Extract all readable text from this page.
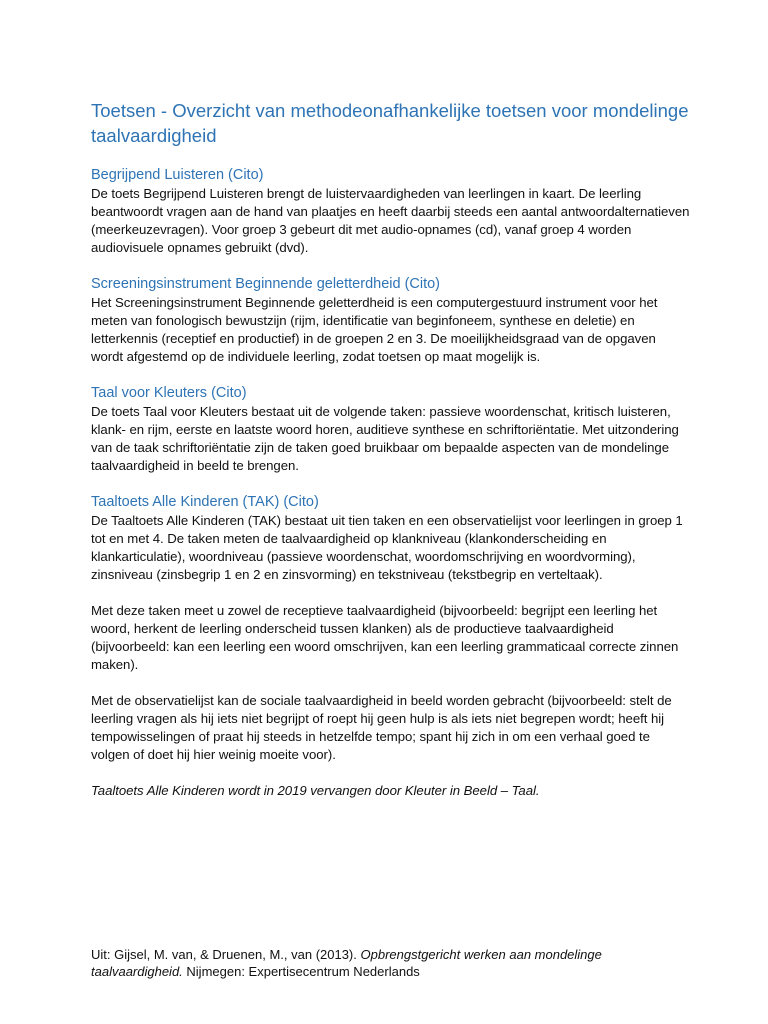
Toetsen - Overzicht van methodeonafhankelijke toetsen voor mondelinge taalvaardigheid
Begrijpend Luisteren (Cito)

De toets Begrijpend Luisteren brengt de luistervaardigheden van leerlingen in kaart. De leerling beantwoordt vragen aan de hand van plaatjes en heeft daarbij steeds een aantal antwoordalternatieven (meerkeuzevragen). Voor groep 3 gebeurt dit met audio-opnames (cd), vanaf groep 4 worden audiovisuele opnames gebruikt (dvd).

Screeningsinstrument Beginnende geletterdheid (Cito)

Het Screeningsinstrument Beginnende geletterdheid is een computergestuurd instrument voor het meten van fonologisch bewustzijn (rijm, identificatie van beginfoneem, synthese en deletie) en letterkennis (receptief en productief) in de groepen 2 en 3. De moeilijkheidsgraad van de opgaven wordt afgestemd op de individuele leerling, zodat toetsen op maat mogelijk is.

Taal voor Kleuters (Cito)

De toets Taal voor Kleuters bestaat uit de volgende taken: passieve woordenschat, kritisch luisteren, klank- en rijm, eerste en laatste woord horen, auditieve synthese en schriftoriëntatie. Met uitzondering van de taak schriftoriëntatie zijn de taken goed bruikbaar om bepaalde aspecten van de mondelinge taalvaardigheid in beeld te brengen.

Taaltoets Alle Kinderen (TAK) (Cito)

De Taaltoets Alle Kinderen (TAK) bestaat uit tien taken en een observatielijst voor leerlingen in groep 1 tot en met 4. De taken meten de taalvaardigheid op klankniveau (klankonderscheiding en klankarticulatie), woordniveau (passieve woordenschat, woordomschrijving en woordvorming), zinsniveau (zinsbegrip 1 en 2 en zinsvorming) en tekstniveau (tekstbegrip en verteltaak).

Met deze taken meet u zowel de receptieve taalvaardigheid (bijvoorbeeld: begrijpt een leerling het woord, herkent de leerling onderscheid tussen klanken) als de productieve taalvaardigheid (bijvoorbeeld: kan een leerling een woord omschrijven, kan een leerling grammaticaal correcte zinnen maken).

Met de observatielijst kan de sociale taalvaardigheid in beeld worden gebracht (bijvoorbeeld: stelt de leerling vragen als hij iets niet begrijpt of roept hij geen hulp is als iets niet begrepen wordt; heeft hij tempowisselingen of praat hij steeds in hetzelfde tempo; spant hij zich in om een verhaal goed te volgen of doet hij hier weinig moeite voor).

Taaltoets Alle Kinderen wordt in 2019 vervangen door Kleuter in Beeld – Taal.

Uit: Gijsel, M. van, & Druenen, M., van (2013). Opbrengstgericht werken aan mondelinge taalvaardigheid. Nijmegen: Expertisecentrum Nederlands
